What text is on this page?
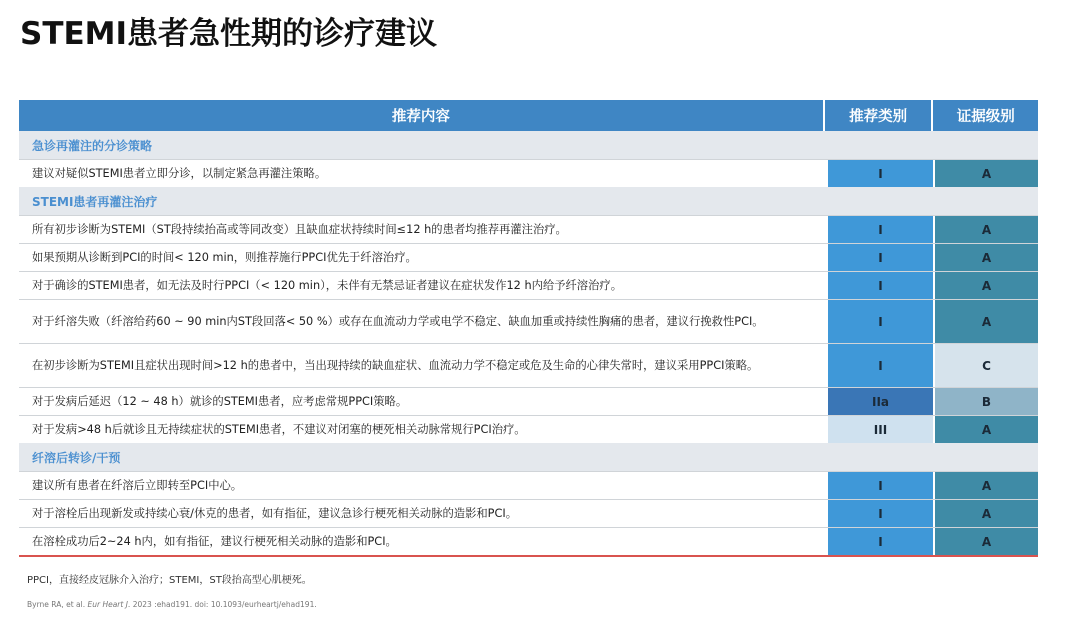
STEMI患者急性期的诊疗建议
推荐内容	推荐类别	证据级别
急诊再灌注的分诊策略
建议对疑似STEMI患者立即分诊，以制定紧急再灌注策略。	I	A
STEMI患者再灌注治疗
所有初步诊断为STEMI（ST段持续抬高或等同改变）且缺血症状持续时间≤12 h的患者均推荐再灌注治疗。	I	A
如果预期从诊断到PCI的时间< 120 min，则推荐施行PPCI优先于纤溶治疗。	I	A
对于确诊的STEMI患者，如无法及时行PPCI（< 120 min），未伴有无禁忌证者建议在症状发作12 h内给予纤溶治疗。	I	A
对于纤溶失败（纤溶给药60 ~ 90 min内ST段回落< 50 %）或存在血流动力学或电学不稳定、缺血加重或持续性胸痛的患者，建议行挽救性PCI。	I	A
在初步诊断为STEMI且症状出现时间>12 h的患者中，当出现持续的缺血症状、血流动力学不稳定或危及生命的心律失常时，建议采用PPCI策略。	I	C
对于发病后延迟（12 ~ 48 h）就诊的STEMI患者，应考虑常规PPCI策略。	IIa	B
对于发病>48 h后就诊且无持续症状的STEMI患者，不建议对闭塞的梗死相关动脉常规行PCI治疗。	III	A
纤溶后转诊/干预
建议所有患者在纤溶后立即转至PCI中心。	I	A
对于溶栓后出现新发或持续心衰/休克的患者，如有指征，建议急诊行梗死相关动脉的造影和PCI。	I	A
在溶栓成功后2~24 h内，如有指征，建议行梗死相关动脉的造影和PCI。	I	A
PPCI，直接经皮冠脉介入治疗；STEMI，ST段抬高型心肌梗死。
Byrne RA, et al. Eur Heart J. 2023 :ehad191. doi: 10.1093/eurheartj/ehad191.
